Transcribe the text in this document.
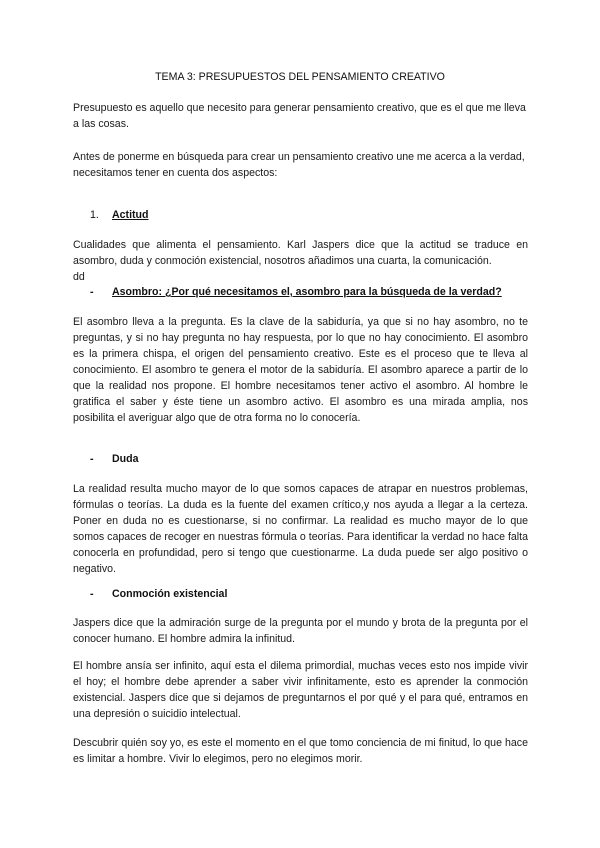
TEMA 3: PRESUPUESTOS DEL PENSAMIENTO CREATIVO
Presupuesto es aquello que necesito para generar pensamiento creativo, que es el que me lleva a las cosas.
Antes de ponerme en búsqueda para crear un pensamiento creativo une me acerca a la verdad, necesitamos tener en cuenta dos aspectos:
1. Actitud
Cualidades que alimenta el pensamiento. Karl Jaspers dice que la actitud se traduce en asombro, duda y conmoción existencial, nosotros añadimos una cuarta, la comunicación.
dd
- Asombro: ¿Por qué necesitamos el, asombro para la búsqueda de la verdad?
El asombro lleva a la pregunta. Es la clave de la sabiduría, ya que si no hay asombro, no te preguntas, y si no hay pregunta no hay respuesta, por lo que no hay conocimiento. El asombro es la primera chispa, el origen del pensamiento creativo. Este es el proceso que te lleva al conocimiento. El asombro te genera el motor de la sabiduría. El asombro aparece a partir de lo que la realidad nos propone. El hombre necesitamos tener activo el asombro. Al hombre le gratifica el saber y éste tiene un asombro activo. El asombro es una mirada amplia, nos posibilita el averiguar algo que de otra forma no lo conocería.
- Duda
La realidad resulta mucho mayor de lo que somos capaces de atrapar en nuestros problemas, fórmulas o teorías. La duda es la fuente del examen crítico,y nos ayuda a llegar a la certeza. Poner en duda no es cuestionarse, si no confirmar. La realidad es mucho mayor de lo que somos capaces de recoger en nuestras fórmula o teorías. Para identificar la verdad no hace falta conocerla en profundidad, pero si tengo que cuestionarme. La duda puede ser algo positivo o negativo.
- Conmoción existencial
Jaspers dice que la admiración surge de la pregunta por el mundo y brota de la pregunta por el conocer humano. El hombre admira la infinitud.
El hombre ansía ser infinito, aquí esta el dilema primordial, muchas veces esto nos impide vivir el hoy; el hombre debe aprender a saber vivir infinitamente, esto es aprender la conmoción existencial. Jaspers dice que si dejamos de preguntarnos el por qué y el para qué, entramos en una depresión o suicidio intelectual.
Descubrir quién soy yo, es este el momento en el que tomo conciencia de mi finitud, lo que hace es limitar a hombre. Vivir lo elegimos, pero no elegimos morir.
